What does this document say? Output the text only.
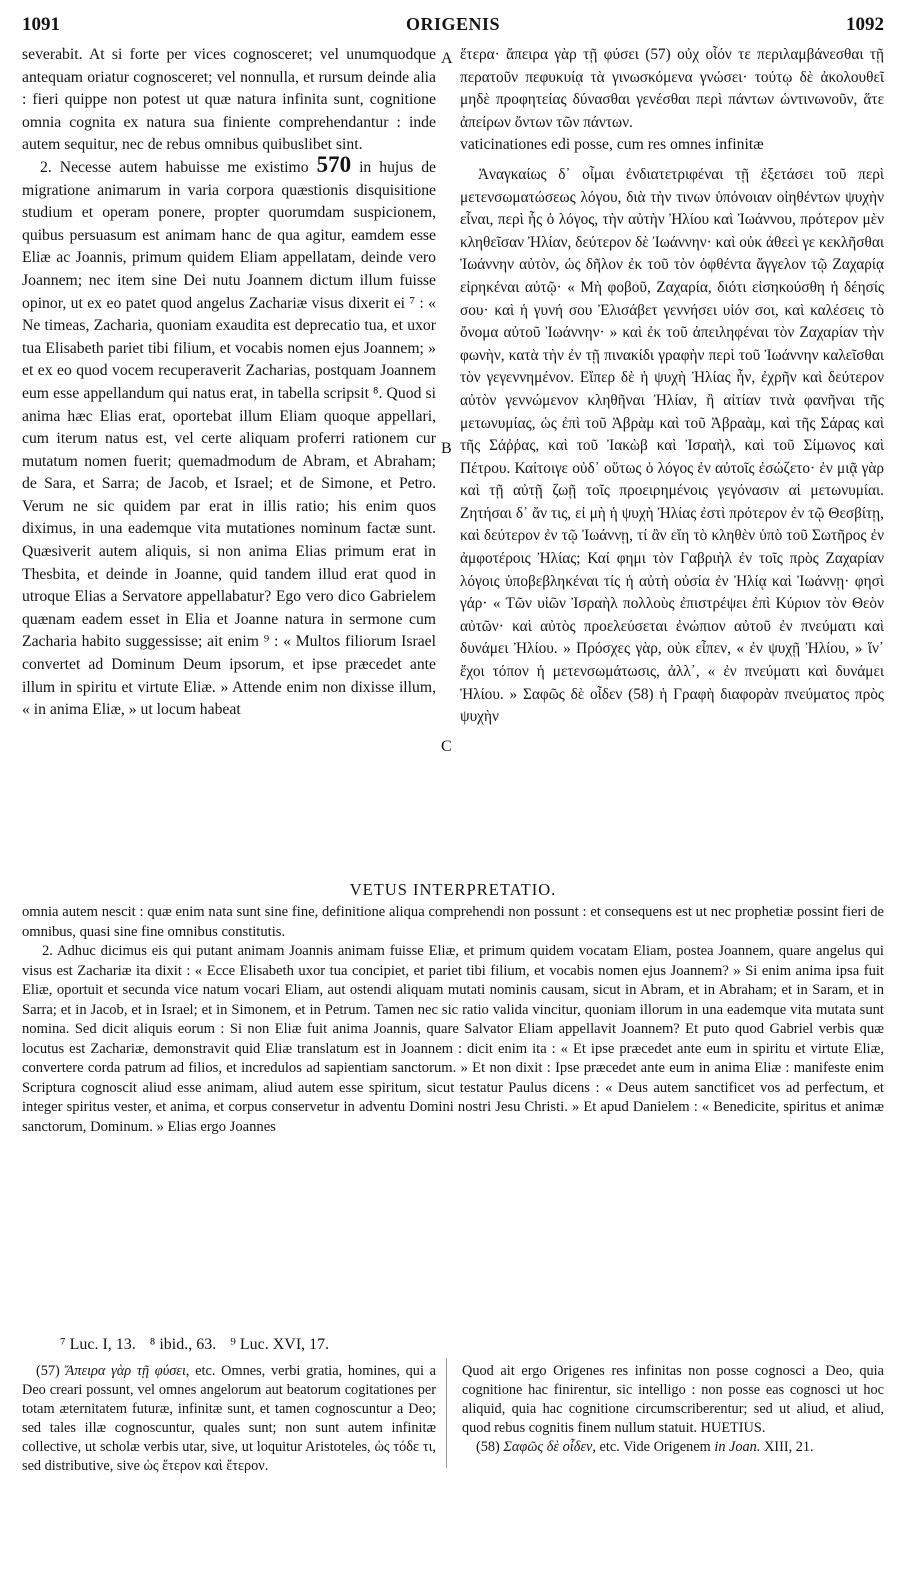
1091	ORIGENIS	1092

severabit. At si forte per vices cognosceret; vel unumquodque antequam oriatur cognosceret; vel nonnulla, et rursum deinde alia : fieri quippe non potest ut quæ natura infinita sunt, cognitione omnia cognita ex natura sua finiente comprehendantur : inde autem sequitur, nec de rebus omnibus quibuslibet sint.

2. Necesse autem habuisse me existimo 570 in hujus de migratione animarum in varia corpora quæstionis disquisitione studium et operam ponere, propter quorumdam suspicionem, quibus persuasum est animam hanc de qua agitur, eamdem esse Eliæ ac Joannis, primum quidem Eliam appellatam, deinde vero Joannem; nec item sine Dei nutu Joannem dictum illum fuisse opinor, ut ex eo patet quod angelus Zachariæ visus dixerit ei ⁷ : « Ne timeas, Zacharia, quoniam exaudita est deprecatio tua, et uxor tua Elisabeth pariet tibi filium, et vocabis nomen ejus Joannem; » et ex eo quod vocem recuperaverit Zacharias, postquam Joannem eum esse appellandum qui natus erat, in tabella scripsit ⁸. Quod si anima hæc Elias erat, oportebat illum Eliam quoque appellari, cum iterum natus est, vel certe aliquam proferri rationem cur mutatum nomen fuerit; quemadmodum de Abram, et Abraham; de Sara, et Sarra; de Jacob, et Israel; et de Simone, et Petro. Verum ne sic quidem par erat in illis ratio; his enim quos diximus, in una eademque vita mutationes nominum factæ sunt. Quæsiverit autem aliquis, si non anima Elias primum erat in Thesbita, et deinde in Joanne, quid tandem illud erat quod in utroque Elias a Servatore appellabatur? Ego vero dico Gabrielem quænam eadem esset in Elia et Joanne natura in sermone cum Zacharia habito suggessisse; ait enim ⁹ : « Multos filiorum Israel convertet ad Dominum Deum ipsorum, et ipse præcedet ante illum in spiritu et virtute Eliæ. » Attende enim non dixisse illum, « in anima Eliæ, » ut locum habeat

A
B
C

ἕτερα· ἄπειρα γὰρ τῇ φύσει (57) οὐχ οἷόν τε περιλαμβάνεσθαι τῇ περατοῦν πεφυκυίᾳ τὰ γινωσκόμενα γνώσει· τούτῳ δὲ ἀκολουθεῖ μηδὲ προφητείας δύνασθαι γενέσθαι περὶ πάντων ὡντινωνοῦν, ἅτε ἀπείρων ὄντων τῶν πάντων.

vaticinationes edi posse, cum res omnes infinitæ

Ἀναγκαίως δ᾽ οἶμαι ἐνδιατετριφέναι τῇ ἐξετάσει τοῦ περὶ μετενσωματώσεως λόγου, διὰ τὴν τινων ὑπόνοιαν οἰηθέντων ψυχὴν εἶναι, περὶ ἧς ὁ λόγος, τὴν αὐτὴν Ἠλίου καὶ Ἰωάννου, πρότερον μὲν κληθεῖσαν Ἠλίαν, δεύτερον δὲ Ἰωάννην· καὶ οὐκ ἀθεεὶ γε κεκλῆσθαι Ἰωάννην αὐτὸν, ὡς δῆλον ἐκ τοῦ τὸν ὀφθέντα ἄγγελον τῷ Ζαχαρίᾳ εἰρηκέναι αὐτῷ· « Μὴ φοβοῦ, Ζαχαρία, διότι εἰσηκούσθη ἡ δέησίς σου· καὶ ἡ γυνή σου Ἐλισάβετ γεννήσει υἱόν σοι, καὶ καλέσεις τὸ ὄνομα αὐτοῦ Ἰωάννην· » καὶ ἐκ τοῦ ἀπειληφέναι τὸν Ζαχαρίαν τὴν φωνὴν, κατὰ τὴν ἐν τῇ πινακίδι γραφὴν περὶ τοῦ Ἰωάννην καλεῖσθαι τὸν γεγεννημένον. Εἴπερ δὲ ἡ ψυχὴ Ἠλίας ἦν, ἐχρῆν καὶ δεύτερον αὐτὸν γεννώμενον κληθῆναι Ἠλίαν, ἢ αἰτίαν τινὰ φανῆναι τῆς μετωνυμίας, ὡς ἐπὶ τοῦ Ἀβρὰμ καὶ τοῦ Ἀβραὰμ, καὶ τῆς Σάρας καὶ τῆς Σάῤῥας, καὶ τοῦ Ἰακὼβ καὶ Ἰσραὴλ, καὶ τοῦ Σίμωνος καὶ Πέτρου. Καίτοιγε οὐδ᾽ οὕτως ὁ λόγος ἐν αὐτοῖς ἐσώζετο· ἐν μιᾷ γὰρ καὶ τῇ αὐτῇ ζωῇ τοῖς προειρημένοις γεγόνασιν αἱ μετωνυμίαι. Ζητήσαι δ᾽ ἄν τις, εἰ μὴ ἡ ψυχὴ Ἠλίας ἐστὶ πρότερον ἐν τῷ Θεσβίτῃ, καὶ δεύτερον ἐν τῷ Ἰωάννῃ, τί ἂν εἴη τὸ κληθὲν ὑπὸ τοῦ Σωτῆρος ἐν ἀμφοτέροις Ἠλίας; Καί φημι τὸν Γαβριὴλ ἐν τοῖς πρὸς Ζαχαρίαν λόγοις ὑποβεβληκέναι τίς ἡ αὐτὴ οὐσία ἐν Ἠλίᾳ καὶ Ἰωάννῃ· φησὶ γάρ· « Τῶν υἱῶν Ἰσραὴλ πολλοὺς ἐπιστρέψει ἐπὶ Κύριον τὸν Θεὸν αὐτῶν· καὶ αὐτὸς προελεύσεται ἐνώπιον αὐτοῦ ἐν πνεύματι καὶ δυνάμει Ἠλίου. » Πρόσχες γὰρ, οὐκ εἶπεν, « ἐν ψυχῇ Ἠλίου, » ἵν᾽ ἔχοι τόπον ἡ μετενσωμάτωσις, ἀλλ᾽, « ἐν πνεύματι καὶ δυνάμει Ἠλίου. » Σαφῶς δὲ οἶδεν (58) ἡ Γραφὴ διαφορὰν πνεύματος πρὸς ψυχὴν

VETUS INTERPRETATIO.

omnia autem nescit : quæ enim nata sunt sine fine, definitione aliqua comprehendi non possunt : et consequens est ut nec prophetiæ possint fieri de omnibus, quasi sine fine omnibus constitutis.

2. Adhuc dicimus eis qui putant animam Joannis animam fuisse Eliæ, et primum quidem vocatam Eliam, postea Joannem, quare angelus qui visus est Zachariæ ita dixit : « Ecce Elisabeth uxor tua concipiet, et pariet tibi filium, et vocabis nomen ejus Joannem? » Si enim anima ipsa fuit Eliæ, oportuit et secunda vice natum vocari Eliam, aut ostendi aliquam mutati nominis causam, sicut in Abram, et in Abraham; et in Saram, et in Sarra; et in Jacob, et in Israel; et in Simonem, et in Petrum. Tamen nec sic ratio valida vincitur, quoniam illorum in una eademque vita mutata sunt nomina. Sed dicit aliquis eorum : Si non Eliæ fuit anima Joannis, quare Salvator Eliam appellavit Joannem? Et puto quod Gabriel verbis quæ locutus est Zachariæ, demonstravit quid Eliæ translatum est in Joannem : dicit enim ita : « Et ipse præcedet ante eum in spiritu et virtute Eliæ, convertere corda patrum ad filios, et incredulos ad sapientiam sanctorum. » Et non dixit : Ipse præcedet ante eum in anima Eliæ : manifeste enim Scriptura cognoscit aliud esse animam, aliud autem esse spiritum, sicut testatur Paulus dicens : « Deus autem sanctificet vos ad perfectum, et integer spiritus vester, et anima, et corpus conservetur in adventu Domini nostri Jesu Christi. » Et apud Danielem : « Benedicite, spiritus et animæ sanctorum, Dominum. » Elias ergo Joannes

⁷ Luc. I, 13. ⁸ ibid., 63. ⁹ Luc. XVI, 17.

(57) Ἄπειρα γὰρ τῇ φύσει, etc. Omnes, verbi gratia, homines, qui a Deo creari possunt, vel omnes angelorum aut beatorum cogitationes per totam æternitatem futuræ, infinitæ sunt, et tamen cognoscuntur a Deo; sed tales illæ cognoscuntur, quales sunt; non sunt autem infinitæ collective, ut scholæ verbis utar, sive, ut loquitur Aristoteles, ὡς τόδε τι, sed distributive, sive ὡς ἕτερον καὶ ἕτερον.

Quod ait ergo Origenes res infinitas non posse cognosci a Deo, quia cognitione hac finirentur, sic intelligo : non posse eas cognosci ut hoc aliquid, quia hac cognitione circumscriberentur; sed ut aliud, et aliud, quod rebus cognitis finem nullum statuit. HUETIUS.

(58) Σαφῶς δὲ οἶδεν, etc. Vide Origenem in Joan. XIII, 21.
